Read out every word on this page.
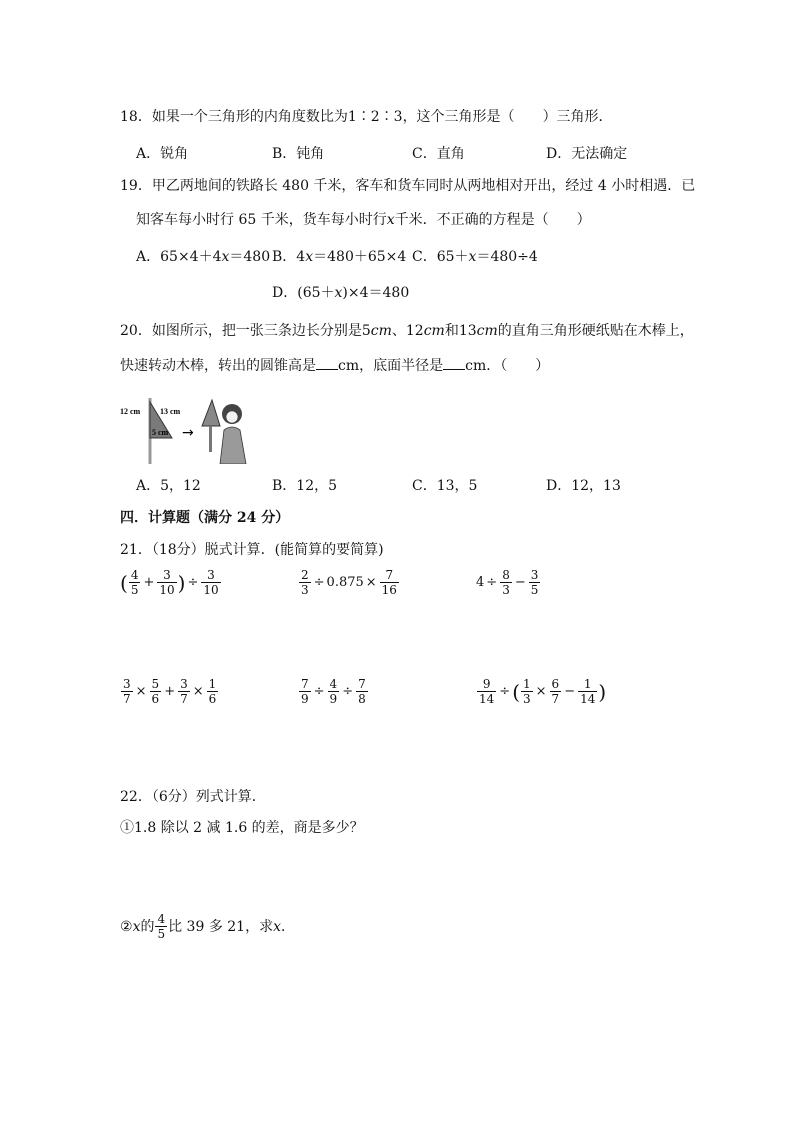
18．如果一个三角形的内角度数比为1∶2∶3，这个三角形是（ ）三角形．
A．锐角	B．钝角	C．直角	D．无法确定
19．甲乙两地间的铁路长 480 千米，客车和货车同时从两地相对开出，经过 4 小时相遇．已
知客车每小时行 65 千米，货车每小时行x千米．不正确的方程是（ ）
A．65×4＋4x＝480 B．4x＝480＋65×4 C．65＋x＝480÷4
D．(65＋x)×4＝480
20．如图所示，把一张三条边长分别是5cm、12cm和13cm的直角三角形硬纸贴在木棒上，
快速转动木棒，转出的圆锥高是 cm，底面半径是 cm．（ ）
12 cm 13 cm
5 cm →
A．5，12	B．12，5	C．13，5	D．12，13
四．计算题（满分 24 分）
21．（18分）脱式计算．(能简算的要简算)
( $\frac{4}{5} + \frac{3}{10}$ ) ÷ $\frac{3}{10}$	$\frac{2}{3} \div 0.875 \times \frac{7}{16}$	$4 \div \frac{8}{3} - \frac{3}{5}$
$\frac{3}{7} \times \frac{5}{6} + \frac{3}{7} \times \frac{1}{6}$	$\frac{7}{9} \div \frac{4}{9} \div \frac{7}{8}$	$\frac{9}{14}$ ÷ ( $\frac{1}{3} \times \frac{6}{7} - \frac{1}{14}$ )
22．（6分）列式计算．
①1.8 除以 2 减 1.6 的差，商是多少？
② x 的 $\frac{4}{5}$ 比 39 多 21，求 x ．
